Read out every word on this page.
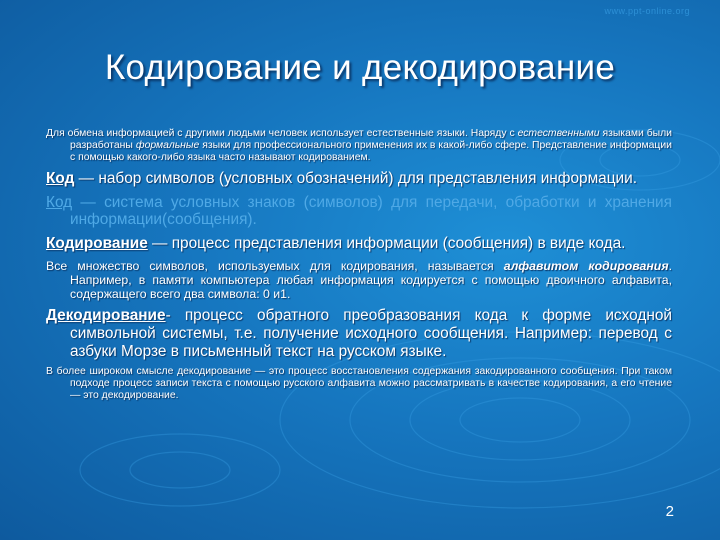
www.ppt-online.org
Кодирование и декодирование

Для обмена информацией с другими людьми человек использует естественные языки. Наряду с естественными языками были разработаны формальные языки для профессионального применения их в какой-либо сфере. Представление информации с помощью какого-либо языка часто называют кодированием.

Код — набор символов (условных обозначений) для представления информации.

Код — система условных знаков (символов) для передачи, обработки и хранения информации(сообщения).

Кодирование — процесс представления информации (сообщения) в виде кода.

Все множество символов, используемых для кодирования, называется алфавитом кодирования. Например, в памяти компьютера любая информация кодируется с помощью двоичного алфавита, содержащего всего два символа: 0 и1.

Декодирование- процесс обратного преобразования кода к форме исходной символьной системы, т.е. получение исходного сообщения. Например: перевод с азбуки Морзе в письменный текст на русском языке.

В более широком смысле декодирование — это процесс восстановления содержания закодированного сообщения. При таком подходе процесс записи текста с помощью русского алфавита можно рассматривать в качестве кодирования, а его чтение — это декодирование.

2
